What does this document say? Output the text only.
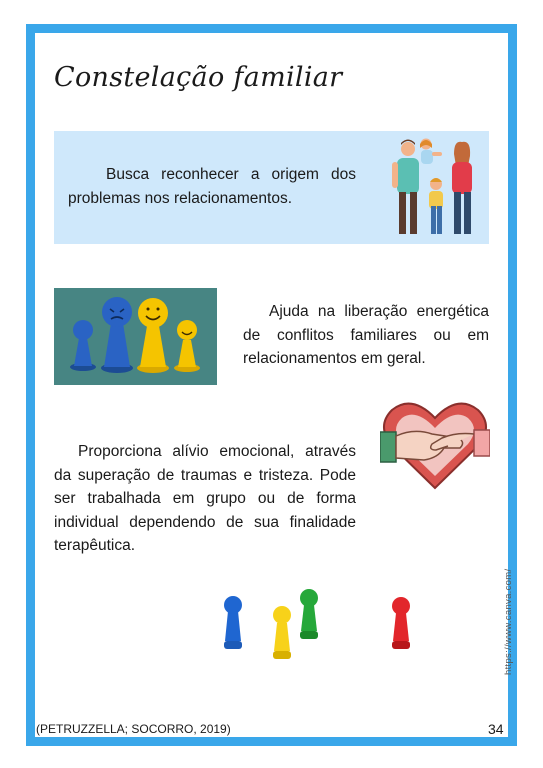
Constelação familiar
Busca reconhecer a origem dos problemas nos relacionamentos.
Ajuda na liberação energética de conflitos familiares ou em relacionamentos em geral.
Proporciona alívio emocional, através da superação de traumas e tristeza. Pode ser trabalhada em grupo ou de forma individual dependendo de sua finalidade terapêutica.
https://www.canva.com/
(PETRUZZELLA; SOCORRO, 2019)	34
